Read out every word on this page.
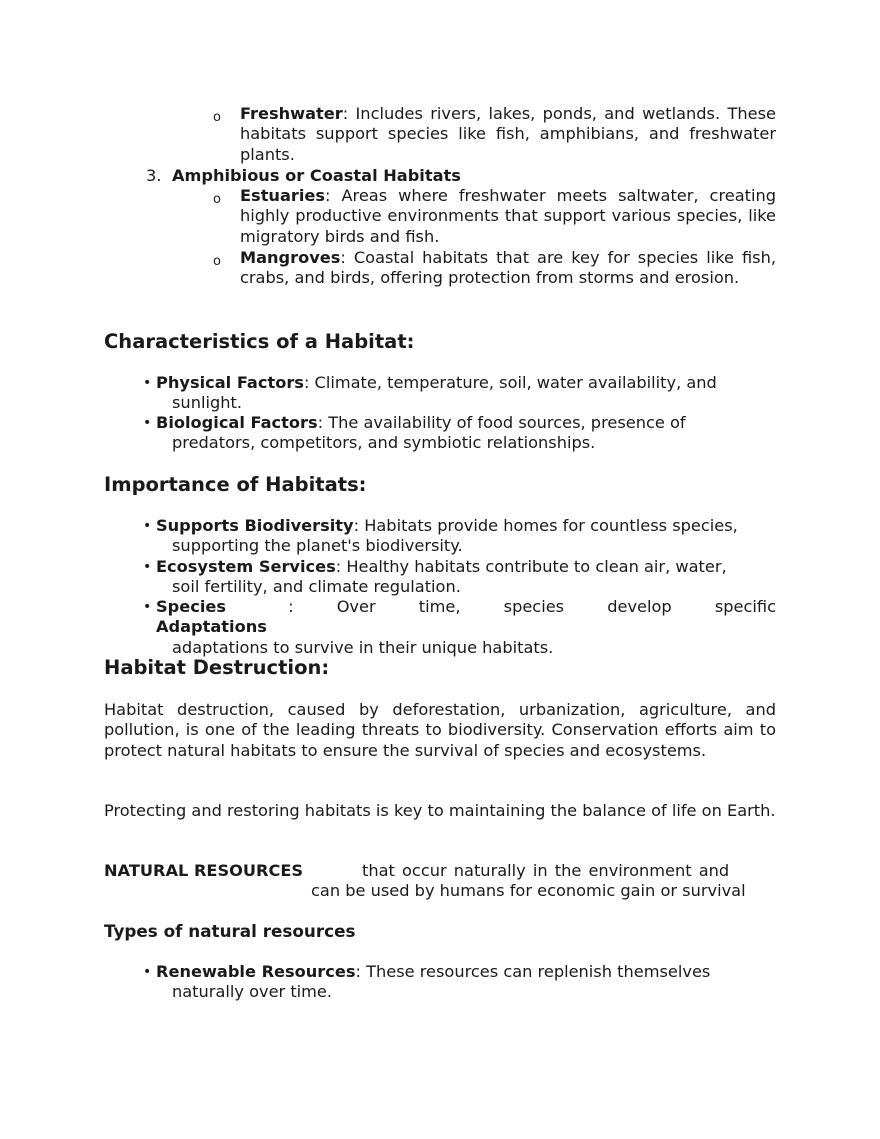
o Freshwater: Includes rivers, lakes, ponds, and wetlands. These habitats support species like fish, amphibians, and freshwater plants.
3. Amphibious or Coastal Habitats
o Estuaries: Areas where freshwater meets saltwater, creating highly productive environments that support various species, like migratory birds and fish.
o Mangroves: Coastal habitats that are key for species like fish, crabs, and birds, offering protection from storms and erosion.
Characteristics of a Habitat:
• Physical Factors: Climate, temperature, soil, water availability, and
sunlight.
• Biological Factors: The availability of food sources, presence of
predators, competitors, and symbiotic relationships.
Importance of Habitats:
• Supports Biodiversity: Habitats provide homes for countless species,
supporting the planet's biodiversity.
• Ecosystem Services: Healthy habitats contribute to clean air, water,
soil fertility, and climate regulation.
• Species Adaptations
: Over time, species develop specific
adaptations to survive in their unique habitats.
Habitat Destruction:
Habitat destruction, caused by deforestation, urbanization, agriculture, and pollution, is one of the leading threats to biodiversity. Conservation efforts aim to protect natural habitats to ensure the survival of species and ecosystems.
Protecting and restoring habitats is key to maintaining the balance of life on Earth.
NATURAL RESOURCES	that occur naturally in the environment and
can be used by humans for economic gain or survival
Types of natural resources
• Renewable Resources: These resources can replenish themselves
naturally over time.
